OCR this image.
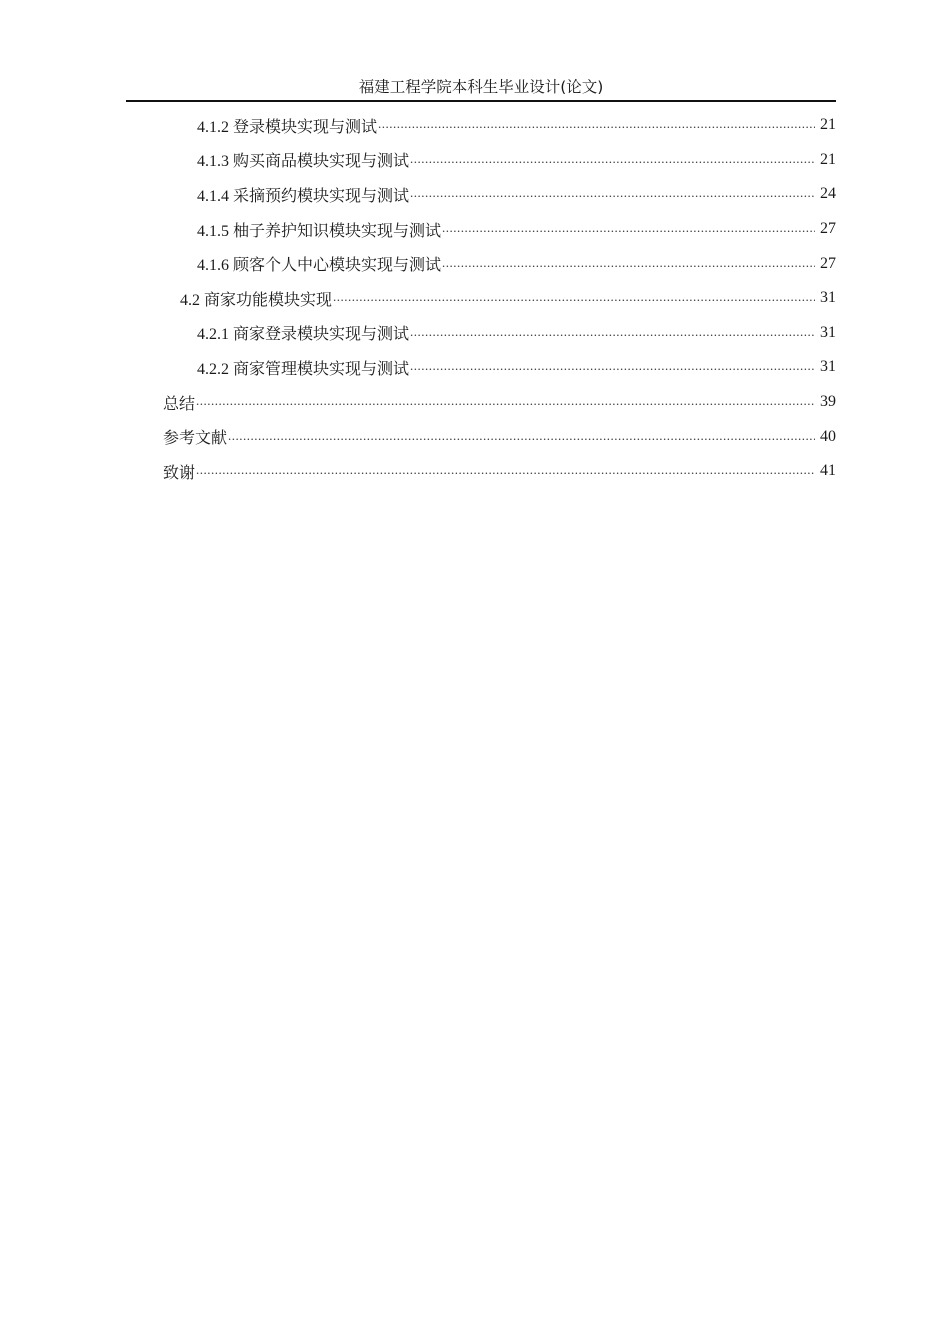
福建工程学院本科生毕业设计(论文)
4.1.2 登录模块实现与测试 .....	21
4.1.3 购买商品模块实现与测试 .....	21
4.1.4 采摘预约模块实现与测试 .....	24
4.1.5 柚子养护知识模块实现与测试 .....	27
4.1.6 顾客个人中心模块实现与测试 .....	27
4.2 商家功能模块实现 .....	31
4.2.1 商家登录模块实现与测试 .....	31
4.2.2 商家管理模块实现与测试 .....	31
总结 .....	39
参考文献 .....	40
致谢 .....	41
